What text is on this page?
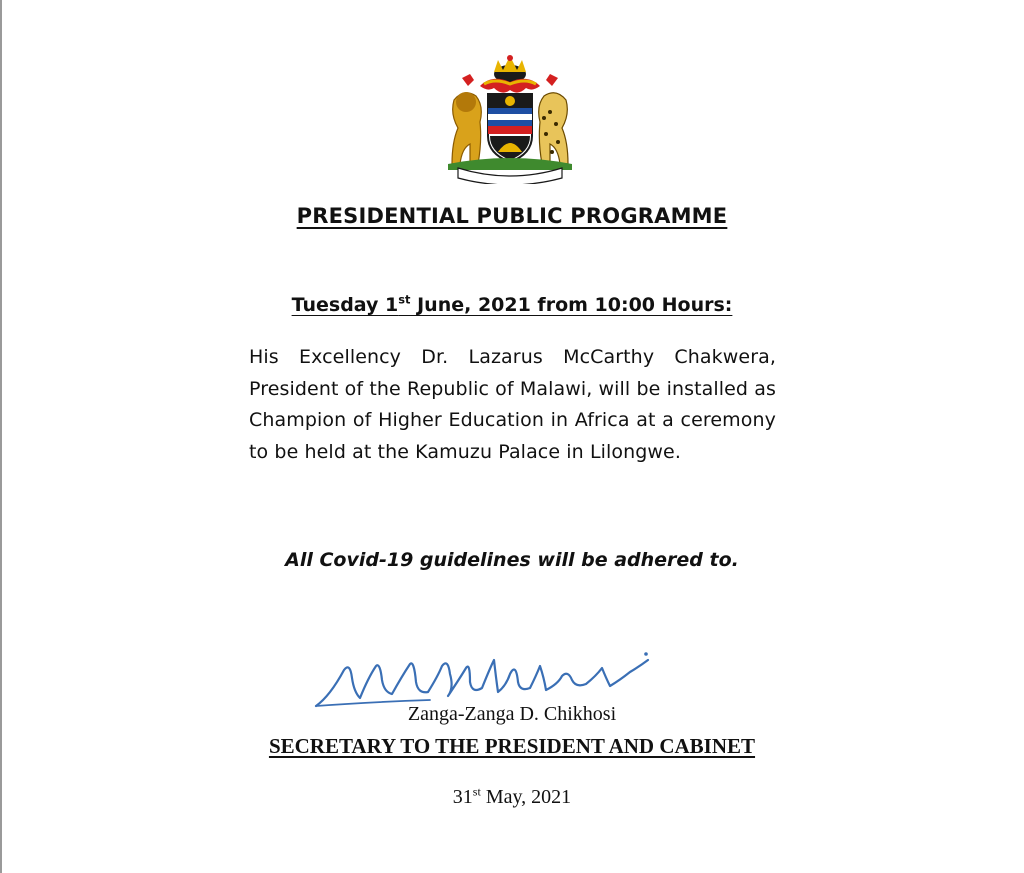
PRESIDENTIAL PUBLIC PROGRAMME
Tuesday 1st June, 2021 from 10:00 Hours:
His Excellency Dr. Lazarus McCarthy Chakwera, President of the Republic of Malawi, will be installed as Champion of Higher Education in Africa at a ceremony to be held at the Kamuzu Palace in Lilongwe.
All Covid-19 guidelines will be adhered to.
Zanga-Zanga D. Chikhosi
SECRETARY TO THE PRESIDENT AND CABINET
31st May, 2021
